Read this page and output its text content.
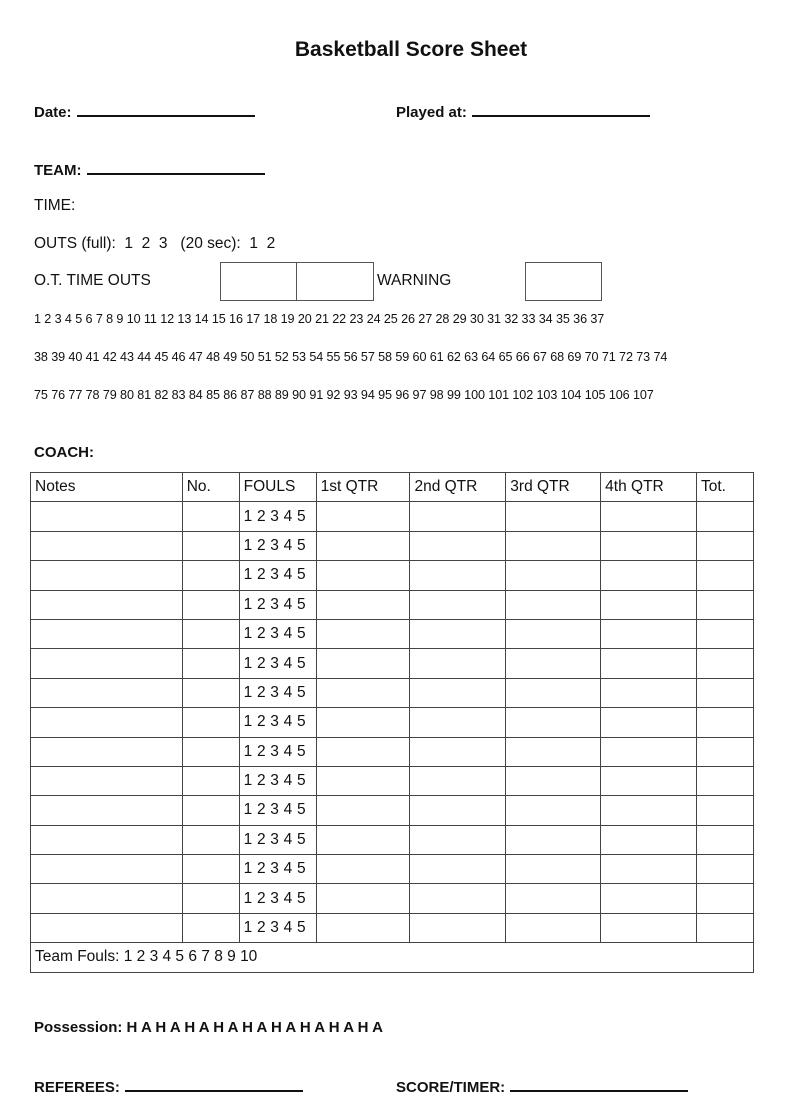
Basketball Score Sheet
Date:	Played at:
TEAM:
TIME:
OUTS (full):  1  2  3   (20 sec):  1  2
O.T. TIME OUTS	WARNING
1 2 3 4 5 6 7 8 9 10 11 12 13 14 15 16 17 18 19 20 21 22 23 24 25 26 27 28 29 30 31 32 33 34 35 36 37
38 39 40 41 42 43 44 45 46 47 48 49 50 51 52 53 54 55 56 57 58 59 60 61 62 63 64 65 66 67 68 69 70 71 72 73 74
75 76 77 78 79 80 81 82 83 84 85 86 87 88 89 90 91 92 93 94 95 96 97 98 99 100 101 102 103 104 105 106 107
COACH:
Notes	No.	FOULS	1st QTR	2nd QTR	3rd QTR	4th QTR	Tot.
		1 2 3 4 5					
		1 2 3 4 5					
		1 2 3 4 5					
		1 2 3 4 5					
		1 2 3 4 5					
		1 2 3 4 5					
		1 2 3 4 5					
		1 2 3 4 5					
		1 2 3 4 5					
		1 2 3 4 5					
		1 2 3 4 5					
		1 2 3 4 5					
		1 2 3 4 5					
		1 2 3 4 5					
		1 2 3 4 5					
Team Fouls: 1 2 3 4 5 6 7 8 9 10							
Possession: H A H A H A H A H A H A H A H A H A
REFEREES:	SCORE/TIMER:
